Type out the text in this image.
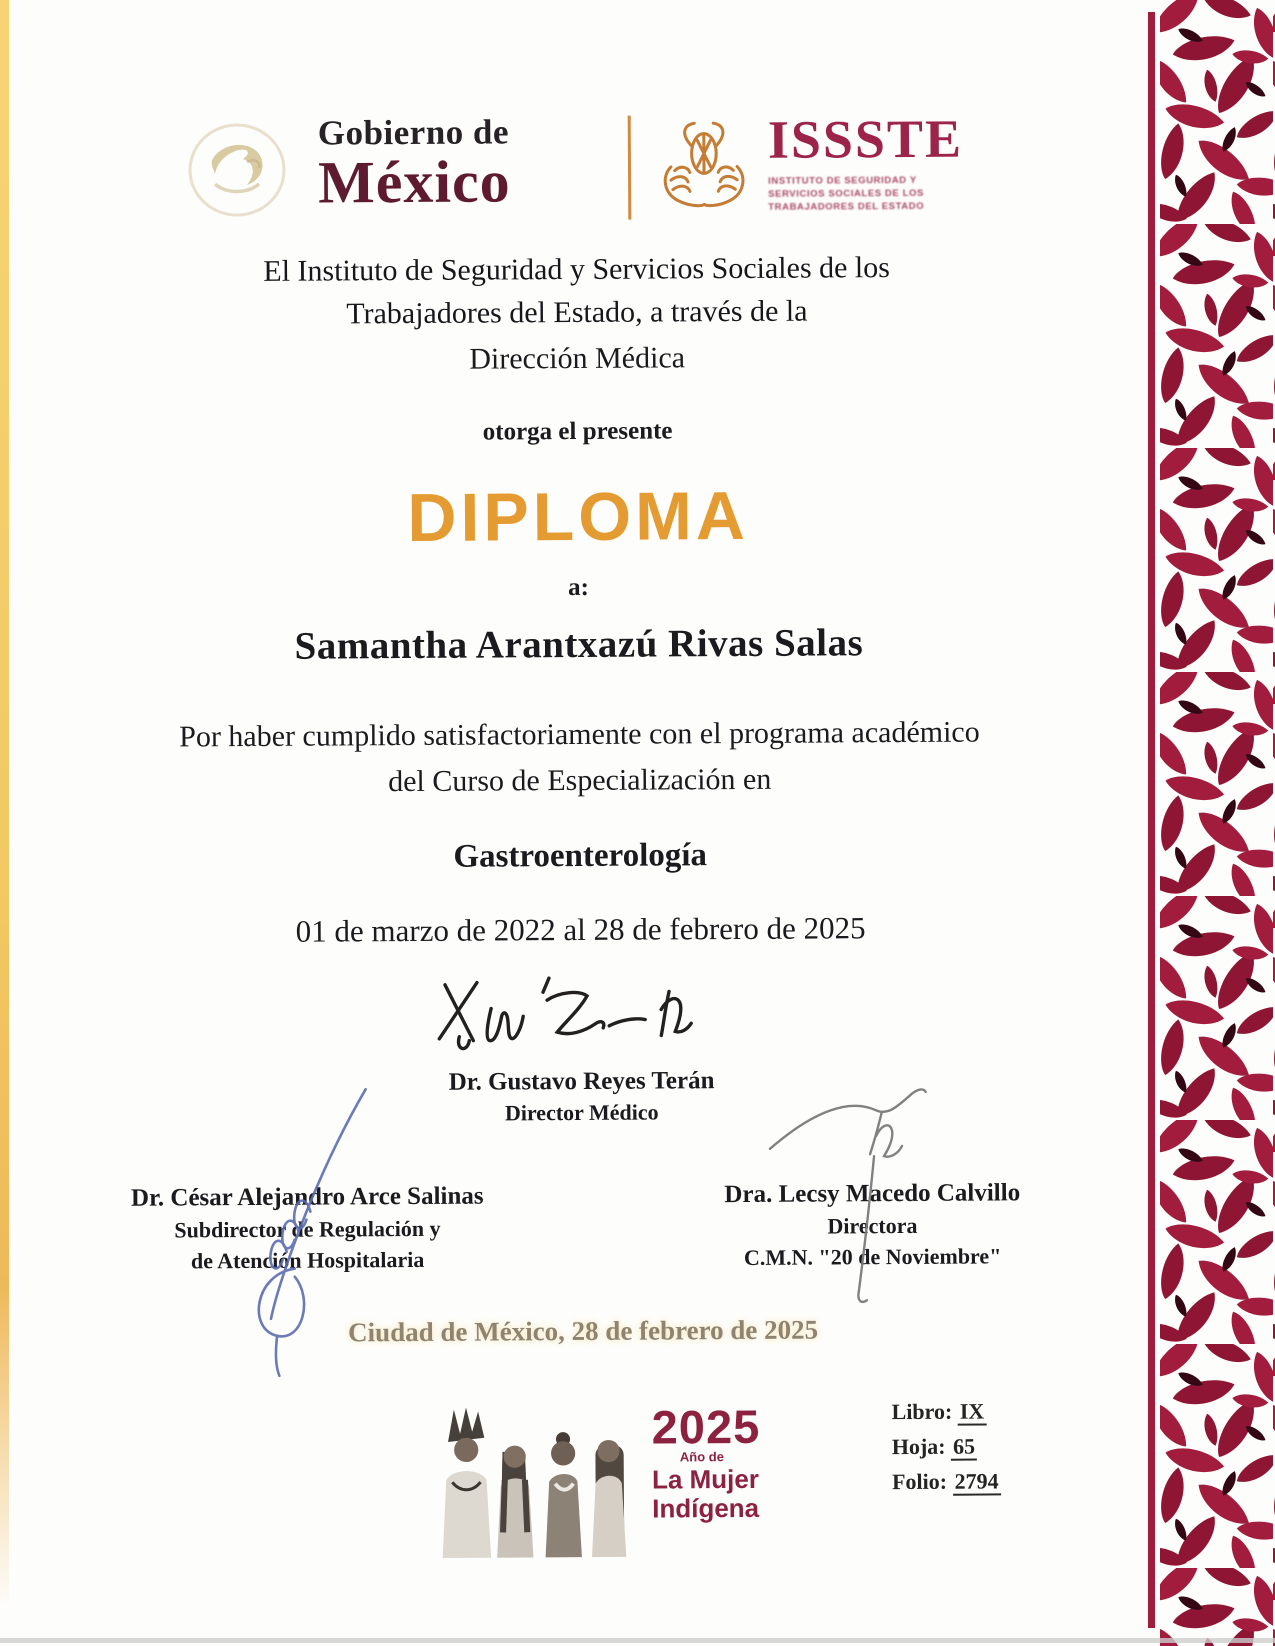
Gobierno de
México
ISSSTE
INSTITUTO DE SEGURIDAD Y
SERVICIOS SOCIALES DE LOS
TRABAJADORES DEL ESTADO
El Instituto de Seguridad y Servicios Sociales de los
Trabajadores del Estado, a través de la
Dirección Médica
otorga el presente
DIPLOMA
a:
Samantha Arantxazú Rivas Salas
Por haber cumplido satisfactoriamente con el programa académico
del Curso de Especialización en
Gastroenterología
01 de marzo de 2022 al 28 de febrero de 2025
Dr. Gustavo Reyes Terán
Director Médico
Dr. César Alejandro Arce Salinas
Subdirector de Regulación y
de Atención Hospitalaria
Dra. Lecsy Macedo Calvillo
Directora
C.M.N. "20 de Noviembre"
Ciudad de México, 28 de febrero de 2025
2025
Año de
La Mujer
Indígena
Libro: IX
Hoja: 65
Folio: 2794
